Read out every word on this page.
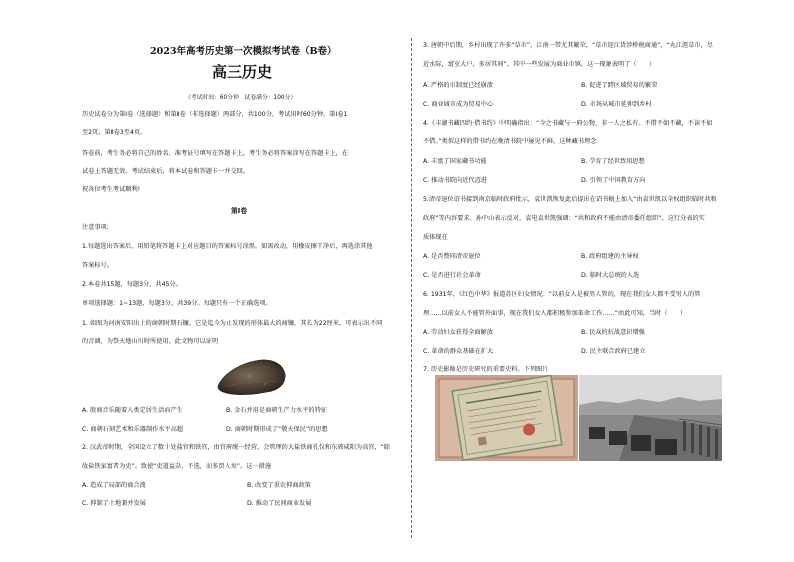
2023年高考历史第一次模拟考试卷（B卷）
高三历史
（考试时间：60分钟　试卷满分：100分）
历史试卷分为第Ⅰ卷（选择题）和第Ⅱ卷（非选择题）两部分，共100分，考试用时60分钟。第Ⅰ卷1
至2页，第Ⅱ卷3至4页。
答卷前，考生务必将自己的姓名、准考证号填写在答题卡上，考生务必将答案涂写在答题卡上，在
试卷上答题无效。考试结束后，将本试卷和答题卡一并交回。
祝各位考生考试顺利!
第Ⅰ卷
注意事项:
1.每题选出答案后，用铅笔将答题卡上对应题目的答案标号涂黑。如需改动，用橡皮擦干净后，再选涂其他
答案标号。
2.本卷共15题，每题3分，共45分。
单项选择题：1~13题，每题3分，共39分。每题只有一个正确选项。
1. 如图为河南安阳出土的商朝时期石镰，它是迄今为止发现的形体最大的商镰，其长为22厘米，可表示出不同
的音调，为祭天地山川时所使用。此文物可以证明
A. 殷商音乐随着人类定居生活而产生	B. 金石并用是商朝生产力水平的特征
C. 商朝石刻艺术和乐器制作水平高超	D. 商朝时期形成了“敬天保民”的思想
2. 汉武帝时期，全国设立了数十处盐官和铁官，由官府统一经营，会管理的大盐铁商孔仅和东郭咸阳为高官，“除
故盐铁家富者为吏”。致使“吏道益杂，不选，而多贾人矣”。这一措施
A. 造成了局部的商合流	B. 改变了重农抑商政策
C. 抑制了土地兼并发展	D. 推动了民间商业发展
3. 唐朝中后期，乡村出现了许多“草市”，江南一带尤其繁荣，“草市迎江货涉桥税商通”，“丸江涯草市，尽
近水际，富室大户，多居其间”。其中一些发展为商业市镇。这一现象表明了（　　）
A. 严格的市制度已经崩溃	B. 促进了跨区域贸易的繁荣
C. 商业城市成为贸易中心	D. 市场从城市延伸到乡村
4.《丰湖书藏四约·借书约》中明确指出：“今之书藏与一府公物，非一人之私有。不借不如不藏，不读不如
不借。”类似这样的借书约在晚清书院中屡见不鲜。这种藏书理念
A. 丰富了国家藏书功能	B. 孕育了经世致用思想
C. 推动书院向近代迈进	D. 引领了中国教育方向
5.清帝退位诏书接到南京临时政府批示，袁世凯恢复此后提出在诏书稿上加入“由袁世凯以全权组织临时共和
政府”等内容要求。孙中山表示反对，袁电袁世凯强调：“共和政府不能由清帝委任组织”。这行分表的实
质体现在
A. 是否赞同清帝退位	B. 政府组建的主导权
C. 是否进行社会革命	D. 临时大总统的人选
6. 1931年，《红色中华》报道苏区妇女情况：“以前女人是被男人管的，现在我们女人都不受男人的管
理……以前女人不能管外面事，现在我们女人都积极参加革命工作……”由此可知，当时（　　）
A. 劳动妇女获得全面解放	B. 民众的抗战意识增强
C. 革命的群众基础在扩大	D. 民主联合政府已建立
7. 历史影像是历史研究的重要史料。下列图片
